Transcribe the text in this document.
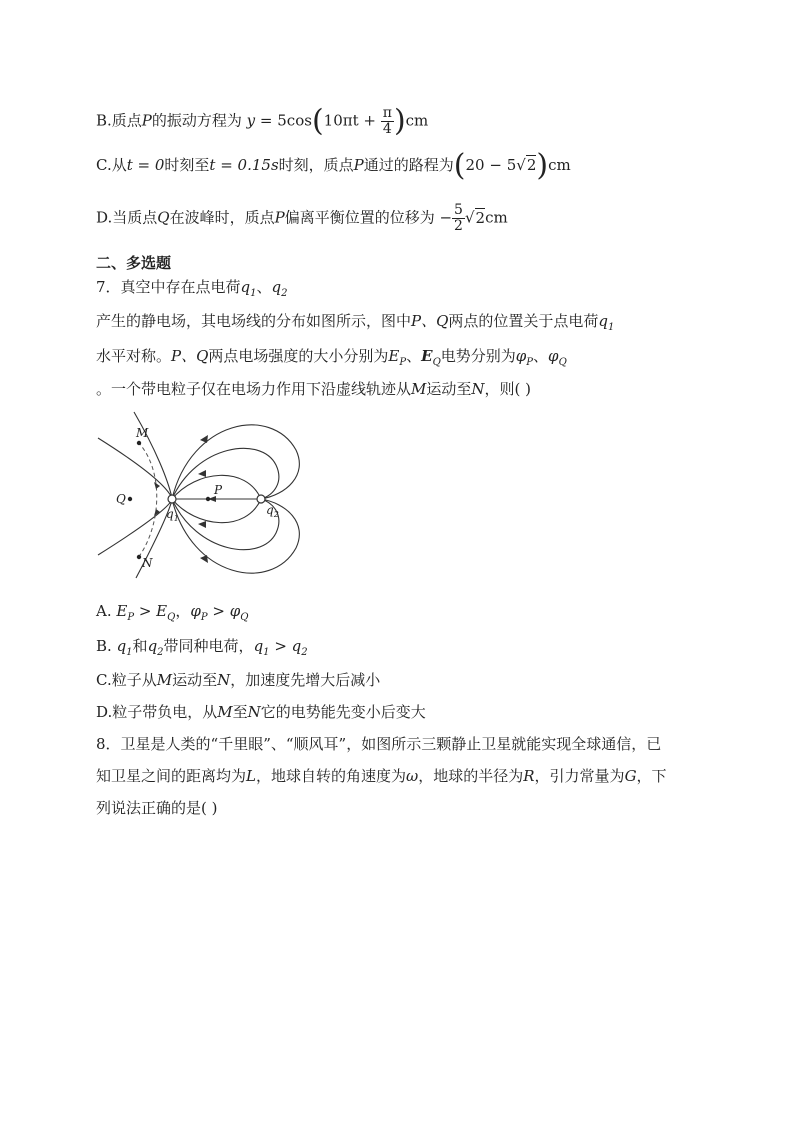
B.质点P的振动方程为 $y = 5\cos(10\pi t + \frac{\pi}{4} )cm$
C.从t = 0时刻至t = 0.15s时刻，质点P通过的路程为(20 − 5√2)cm
D.当质点Q在波峰时，质点P偏离平衡位置的位移为 − $\frac{5}{2} √2cm$
二、多选题
7．真空中存在点电荷$q_1$、$q_2$
产生的静电场，其电场线的分布如图所示，图中P、Q两点的位置关于点电荷$q_1$
水平对称。P、Q两点电场强度的大小分别为$E_P$、$E_Q$电势分别为$\varphi_P$、$\varphi_Q$
。一个带电粒子仅在电场力作用下沿虚线轨迹从M运动至N，则( )
M
N
Q
P
$q_1$
$q_2$
A. $E_P > E_Q$，$\varphi_P > \varphi_Q$
B. $q_1$和$q_2$带同种电荷，$q_1 > q_2$
C.粒子从M运动至N，加速度先增大后减小
D.粒子带负电，从M至N它的电势能先变小后变大
8．卫星是人类的“千里眼”、“顺风耳”，如图所示三颗静止卫星就能实现全球通信，已
知卫星之间的距离均为L，地球自转的角速度为ω，地球的半径为R，引力常量为G，下
列说法正确的是( )
